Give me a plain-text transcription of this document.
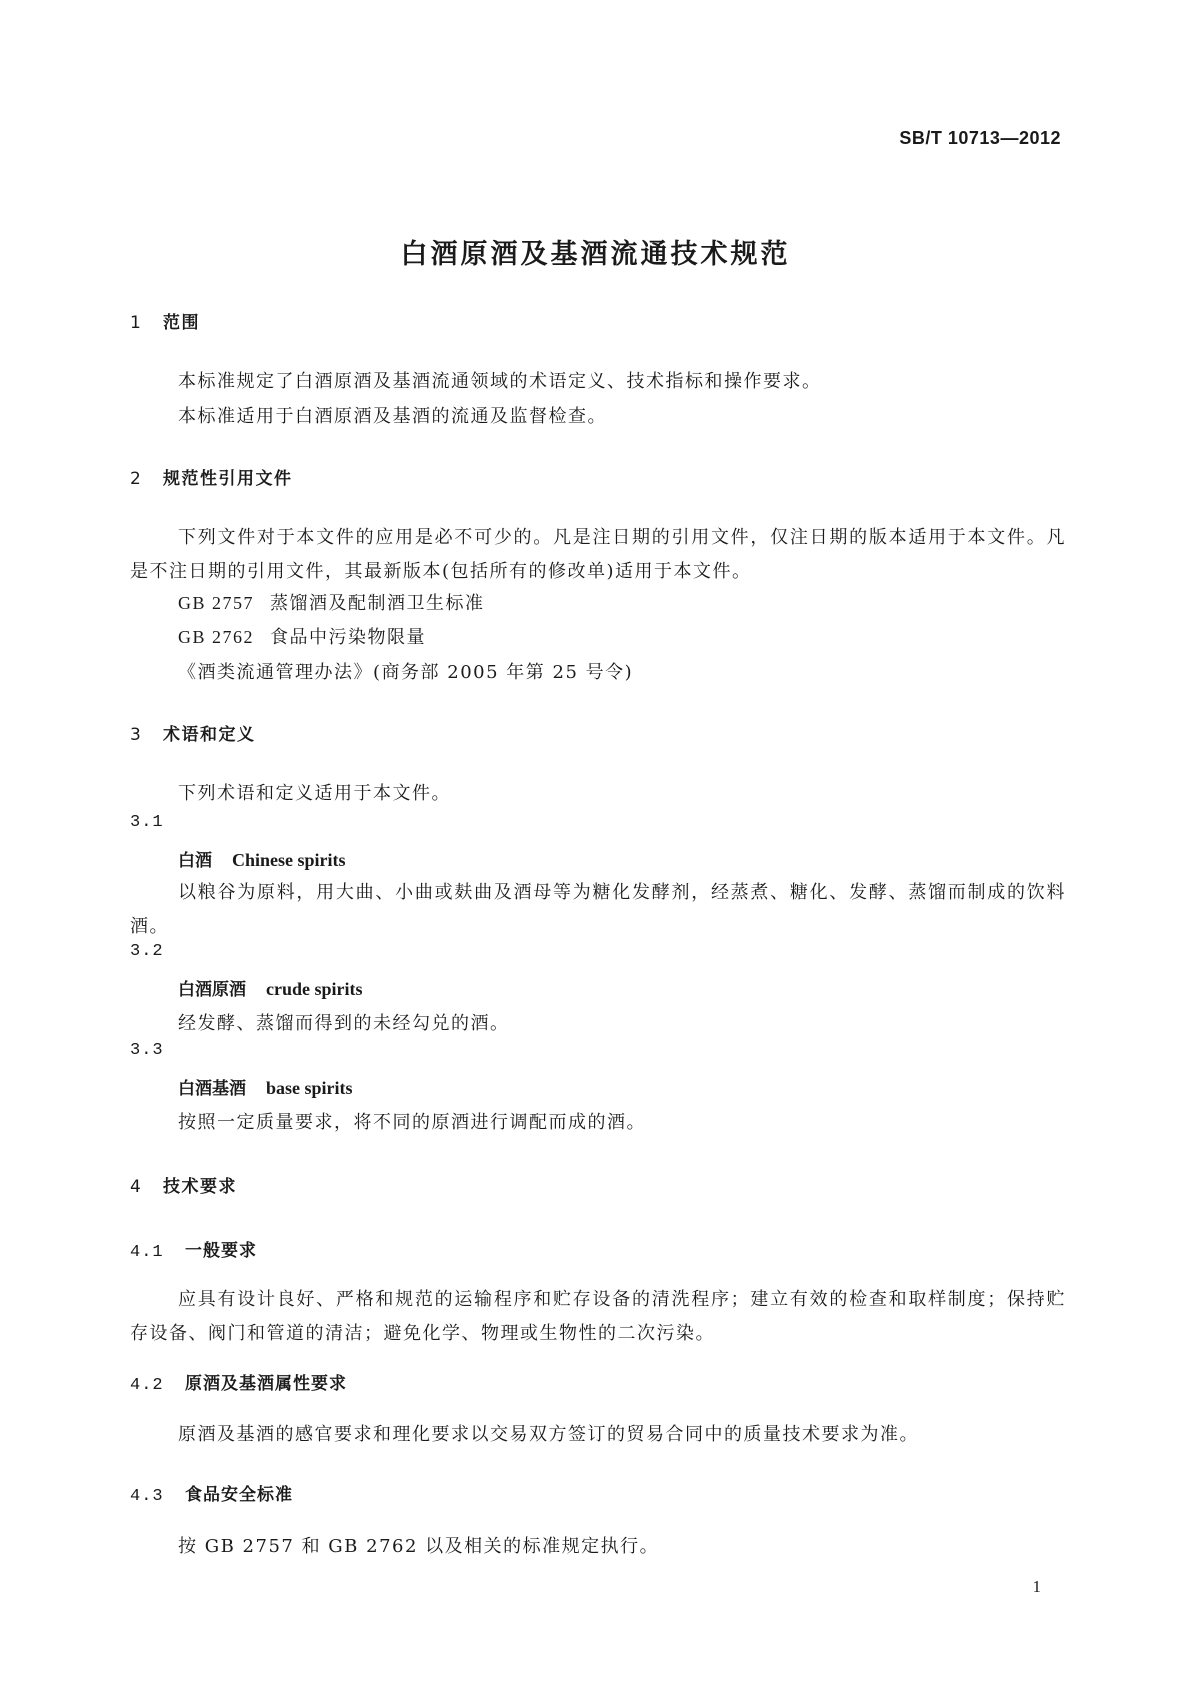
SB/T 10713—2012
白酒原酒及基酒流通技术规范
1 范围
本标准规定了白酒原酒及基酒流通领域的术语定义、技术指标和操作要求。
本标准适用于白酒原酒及基酒的流通及监督检查。
2 规范性引用文件

下列文件对于本文件的应用是必不可少的。凡是注日期的引用文件，仅注日期的版本适用于本文件。凡是不注日期的引用文件，其最新版本(包括所有的修改单)适用于本文件。

GB 2757 蒸馏酒及配制酒卫生标准
GB 2762 食品中污染物限量
《酒类流通管理办法》(商务部 2005 年第 25 号令)
3 术语和定义
下列术语和定义适用于本文件。
3.1
白酒 Chinese spirits

以粮谷为原料，用大曲、小曲或麸曲及酒母等为糖化发酵剂，经蒸煮、糖化、发酵、蒸馏而制成的饮料酒。

3.2
白酒原酒 crude spirits
经发酵、蒸馏而得到的未经勾兑的酒。
3.3
白酒基酒 base spirits
按照一定质量要求，将不同的原酒进行调配而成的酒。
4 技术要求
4.1 一般要求

应具有设计良好、严格和规范的运输程序和贮存设备的清洗程序；建立有效的检查和取样制度；保持贮存设备、阀门和管道的清洁；避免化学、物理或生物性的二次污染。

4.2 原酒及基酒属性要求
原酒及基酒的感官要求和理化要求以交易双方签订的贸易合同中的质量技术要求为准。
4.3 食品安全标准
按 GB 2757 和 GB 2762 以及相关的标准规定执行。
1
